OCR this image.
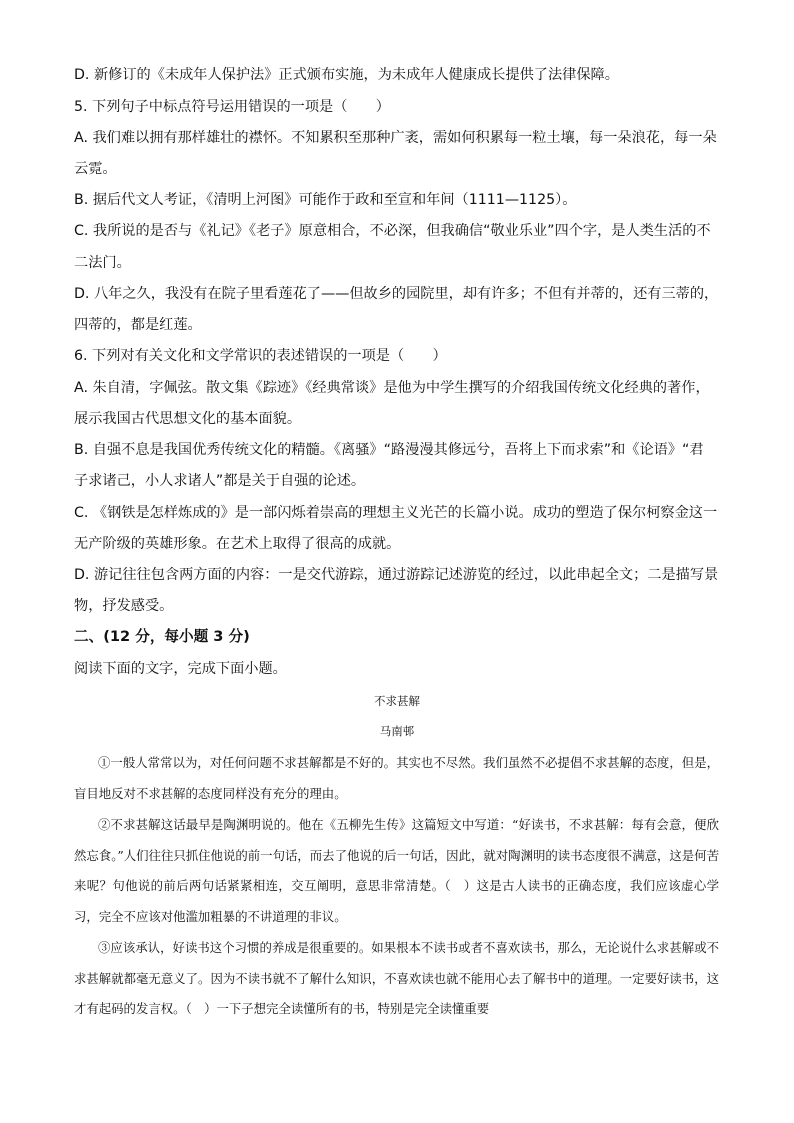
D. 新修订的《未成年人保护法》正式颁布实施，为未成年人健康成长提供了法律保障。
5. 下列句子中标点符号运用错误的一项是（　　）
A. 我们难以拥有那样雄壮的襟怀。不知累积至那种广袤，需如何积累每一粒土壤，每一朵浪花，每一朵
云霓。
B. 据后代文人考证，《清明上河图》可能作于政和至宣和年间（1111—1125）。
C. 我所说的是否与《礼记》《老子》原意相合，不必深，但我确信“敬业乐业”四个字，是人类生活的不
二法门。
D. 八年之久，我没有在院子里看莲花了——但故乡的园院里，却有许多；不但有并蒂的，还有三蒂的，
四蒂的，都是红莲。
6. 下列对有关文化和文学常识的表述错误的一项是（　　）
A. 朱自清，字佩弦。散文集《踪迹》《经典常谈》是他为中学生撰写的介绍我国传统文化经典的著作，
展示我国古代思想文化的基本面貌。
B. 自强不息是我国优秀传统文化的精髓。《离骚》“路漫漫其修远兮，吾将上下而求索”和《论语》“君
子求诸己，小人求诸人”都是关于自强的论述。
C. 《钢铁是怎样炼成的》是一部闪烁着崇高的理想主义光芒的长篇小说。成功的塑造了保尔柯察金这一
无产阶级的英雄形象。在艺术上取得了很高的成就。
D. 游记往往包含两方面的内容：一是交代游踪，通过游踪记述游览的经过，以此串起全文；二是描写景
物，抒发感受。
二、(12 分，每小题 3 分)
阅读下面的文字，完成下面小题。
不求甚解
马南邨
①一般人常常以为，对任何问题不求甚解都是不好的。其实也不尽然。我们虽然不必提倡不求甚解的态度，但是，盲目地反对不求甚解的态度同样没有充分的理由。
②不求甚解这话最早是陶渊明说的。他在《五柳先生传》这篇短文中写道：“好读书，不求甚解：每有会意，便欣然忘食。”人们往往只抓住他说的前一句话，而去了他说的后一句话，因此，就对陶渊明的读书态度很不满意，这是何苦来呢？句他说的前后两句话紧紧相连，交互阐明，意思非常清楚。（　）这是古人读书的正确态度，我们应该虚心学习，完全不应该对他滥加粗暴的不讲道理的非议。
③应该承认，好读书这个习惯的养成是很重要的。如果根本不读书或者不喜欢读书，那么，无论说什么求甚解或不求甚解就都毫无意义了。因为不读书就不了解什么知识，不喜欢读也就不能用心去了解书中的道理。一定要好读书，这才有起码的发言权。（　）一下子想完全读懂所有的书，特别是完全读懂重要
